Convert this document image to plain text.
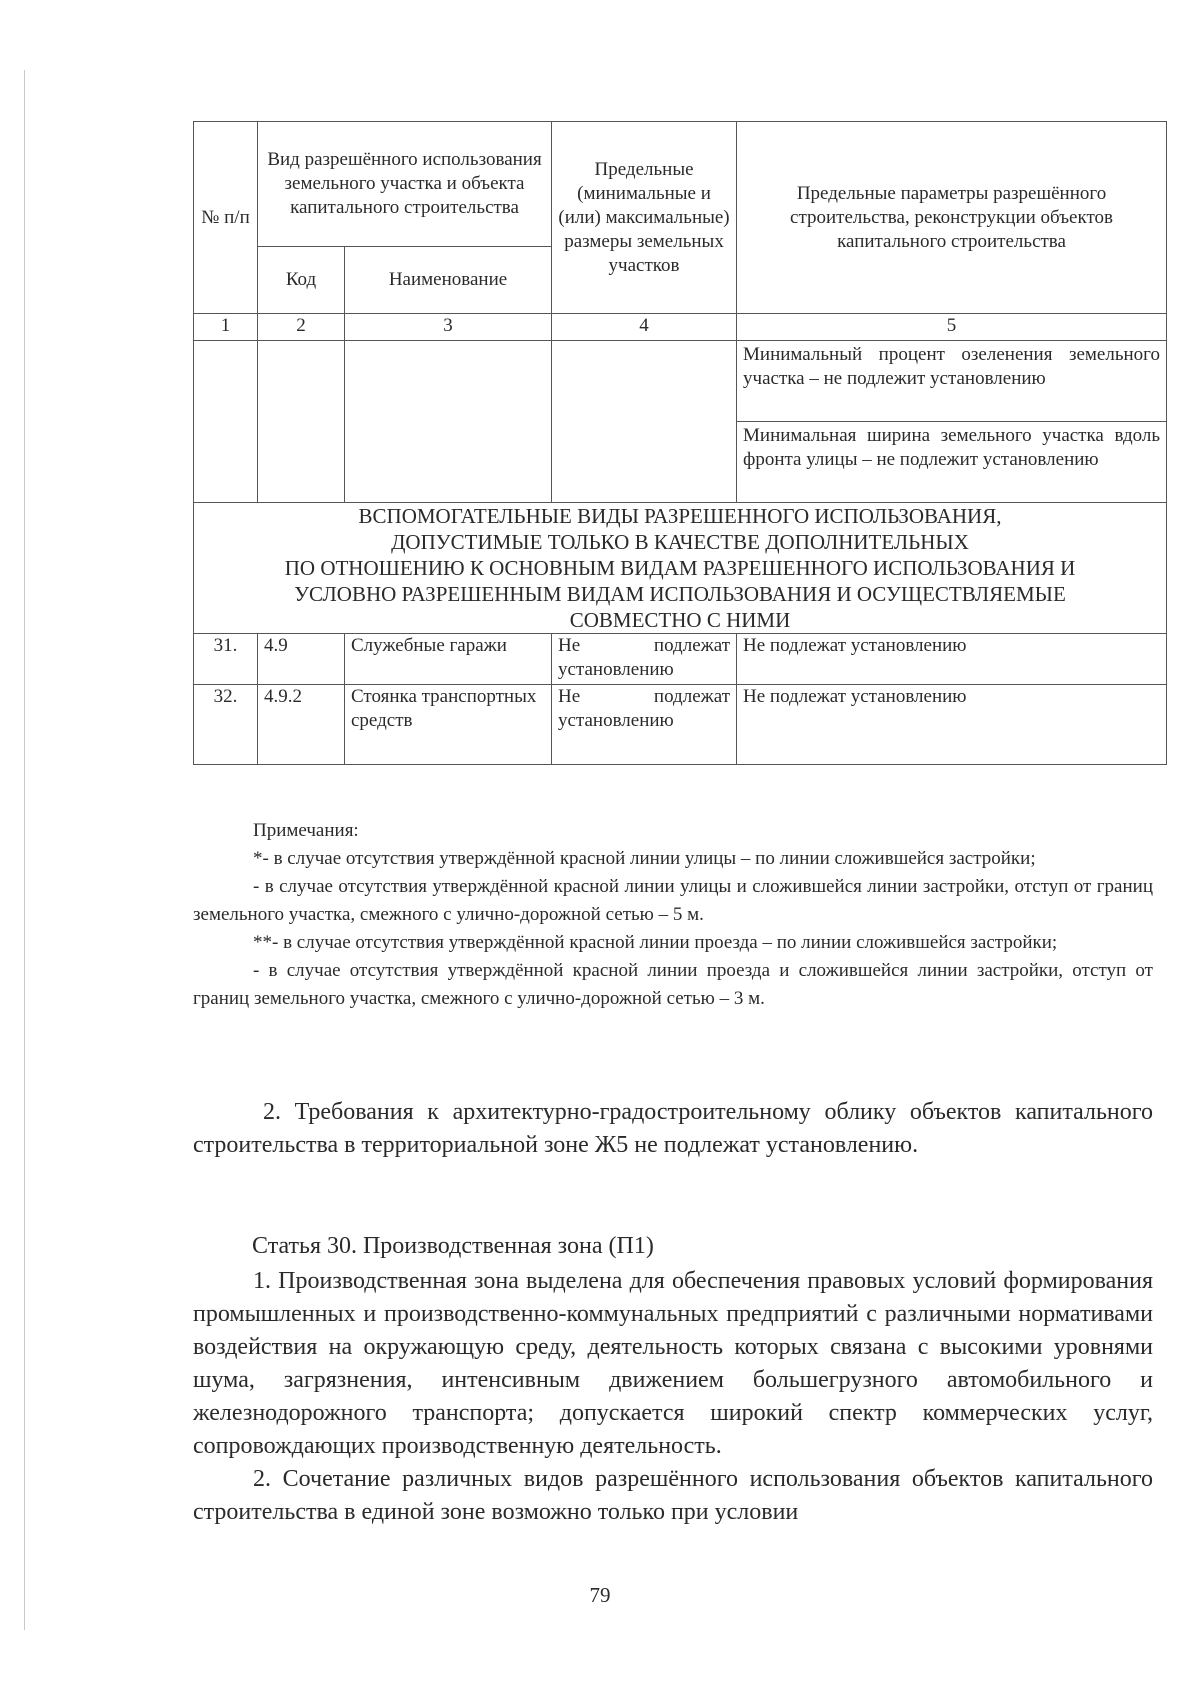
№ п/п	Вид разрешённого использования земельного участка и объекта капитального строительства		Предельные (минимальные и (или) максимальные) размеры земельных участков	Предельные параметры разрешённого строительства, реконструкции объектов капитального строительства
	Код	Наименование		
1	2	3	4	5
				Минимальный процент озеленения земельного участка – не подлежит установлению
				Минимальная ширина земельного участка вдоль фронта улицы – не подлежит установлению

ВСПОМОГАТЕЛЬНЫЕ ВИДЫ РАЗРЕШЕННОГО ИСПОЛЬЗОВАНИЯ,
ДОПУСТИМЫЕ ТОЛЬКО В КАЧЕСТВЕ ДОПОЛНИТЕЛЬНЫХ
ПО ОТНОШЕНИЮ К ОСНОВНЫМ ВИДАМ РАЗРЕШЕННОГО ИСПОЛЬЗОВАНИЯ И
УСЛОВНО РАЗРЕШЕННЫМ ВИДАМ ИСПОЛЬЗОВАНИЯ И ОСУЩЕСТВЛЯЕМЫЕ
СОВМЕСТНО С НИМИ				

31.	4.9	Служебные гаражи	Не подлежат
установлению	Не подлежат установлению
32.	4.9.2	Стоянка транспортных средств	Не подлежат
установлению	Не подлежат установлению

Примечания:

*- в случае отсутствия утверждённой красной линии улицы – по линии сложившейся застройки;

- в случае отсутствия утверждённой красной линии улицы и сложившейся линии застройки, отступ от границ земельного участка, смежного с улично-дорожной сетью – 5 м.

**- в случае отсутствия утверждённой красной линии проезда – по линии сложившейся застройки;

- в случае отсутствия утверждённой красной линии проезда и сложившейся линии застройки, отступ от границ земельного участка, смежного с улично-дорожной сетью – 3 м.

2. Требования к архитектурно-градостроительному облику объектов капитального строительства в территориальной зоне Ж5 не подлежат установлению.

Статья 30. Производственная зона (П1)

1. Производственная зона выделена для обеспечения правовых условий формирования промышленных и производственно-коммунальных предприятий с различными нормативами воздействия на окружающую среду, деятельность которых связана с высокими уровнями шума, загрязнения, интенсивным движением большегрузного автомобильного и железнодорожного транспорта; допускается широкий спектр коммерческих услуг, сопровождающих производственную деятельность.

2. Сочетание различных видов разрешённого использования объектов капитального строительства в единой зоне возможно только при условии

79
